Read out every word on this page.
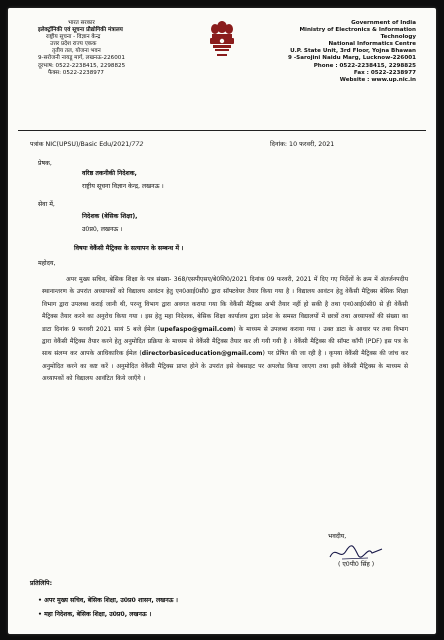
भारत सरकार
इलेक्ट्रॉनिकी एवं सूचना प्रौद्योगिकी मंत्रालय
राष्ट्रीय सूचना - विज्ञान केन्द्र
उत्तर प्रदेश राज्य एकक
तृतीय तल, योजना भवन
9-सरोजनी नायडू मार्ग, लखनऊ-226001
दूरभाष: 0522-2238415, 2298825
फैक्स: 0522-2238977
Government of India
Ministry of Electronics & Information Technology
National Informatics Centre
U.P. State Unit, 3rd Floor, Yojna Bhawan
9 -Sarojini Naidu Marg, Lucknow-226001
Phone : 0522-2238415, 2298825
Fax : 0522-2238977
Website : www.up.nic.in
पत्रांक NIC(UPSU)/Basic Edu/2021/772	दिनांक: 10 फरवरी, 2021
प्रेषक,
वरिष्ठ तकनीकी निदेशक,
राष्ट्रीय सूचना विज्ञान केन्द्र, लखनऊ ।
सेवा में,
निदेशक (बेसिक शिक्षा),
उ0प्र0, लखनऊ ।
विषयः वेकैंसी मैट्रिक्स के सत्यापन के सम्बन्ध में ।
महोदय,
अपर मुख्य सचिव, बेसिक शिक्षा के पत्र संख्या- 368/एसपीएसए/बे0शि0/2021 दिनांक 09 फरवरी, 2021 में दिए गए निर्देशों के क्रम में अंतर्जनपदीय स्थानान्तरण के उपरांत अध्यापकों को विद्यालय आवंटन हेतु एन0आई0सी0 द्वारा सॉफ्टवेयर तैयार किया गया है । विद्यालय आवंटन हेतु वेकैंसी मैट्रिक्स बेसिक शिक्षा विभाग द्वारा उपलब्ध कराई जानी थी, परन्तु विभाग द्वारा अवगत कराया गया कि वेकैंसी मैट्रिक्स अभी तैयार नहीं हो सकी है तथा एन0आई0सी0 से ही वेकैंसी मैट्रिक्स तैयार करने का अनुरोध किया गया । इस हेतु महा निदेशक, बेसिक शिक्षा कार्यालय द्वारा प्रदेश के समस्त विद्यालयों में छात्रों तथा अध्यापकों की संख्या का डाटा दिनांक 9 फरवरी 2021 सायं 5 बजे ईमेल (upefaspo@gmail.com) के माध्यम से उपलब्ध कराया गया । उक्त डाटा के आधार पर तथा विभाग द्वारा वेकैंसी मैट्रिक्स तैयार करने हेतु अनुमोदित प्रक्रिया के माध्यम से वेकैंसी मैट्रिक्स तैयार कर ली गयी गयी है । वेकैंसी मैट्रिक्स की सॉफ्ट कॉपी (PDF) इस पत्र के साथ संलग्न कर आपके आधिकारिक ईमेल (directorbasiceducation@gmail.com) पर प्रेषित की जा रही है । कृपया वेकैंसी मैट्रिक्स की जांच कर अनुमोदित करने का कष्ट करें । अनुमोदित वेकैंसी मैट्रिक्स प्राप्त होने के उपरांत इसे वेबसाइट पर अपलोड किया जाएगा तथा इसी वेकैंसी मैट्रिक्स के माध्यम से अध्यापकों को विद्यालय आवंटित किये जाएँगे ।
भवदीय,
( ए0पी0 सिंह )
प्रतिलिपि:
• अपर मुख्य सचिव, बेसिक शिक्षा, उ0प्र0 शासन, लखनऊ ।
• महा निदेशक, बेसिक शिक्षा, उ0प्र0, लखनऊ ।
